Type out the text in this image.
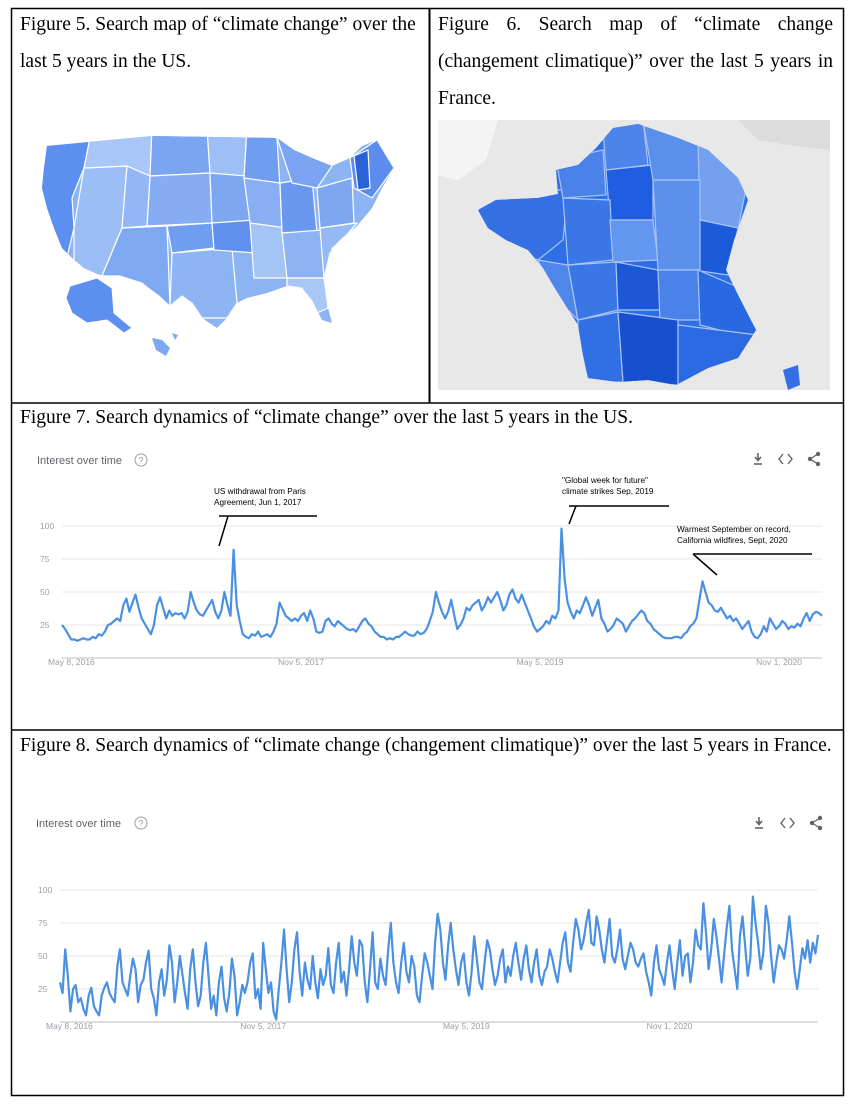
Figure 5. Search map of “climate change” over the last 5 years in the US.

Figure 6. Search map of “climate change (changement climatique)” over the last 5 years in France.

Figure 7. Search dynamics of “climate change” over the last 5 years in the US.

Interest over time ?
100
75
50
25
May 8, 2016	Nov 5, 2017	May 5, 2019	Nov 1, 2020
US withdrawal from Paris Agreement, Jun 1, 2017
"Global week for future" climate strikes Sep, 2019
Warmest September on record, California wildfires, Sept, 2020

Figure 8. Search dynamics of “climate change (changement climatique)” over the last 5 years in France.

Interest over time ?
100
75
50
25
May 8, 2016	Nov 5, 2017	May 5, 2019	Nov 1, 2020
